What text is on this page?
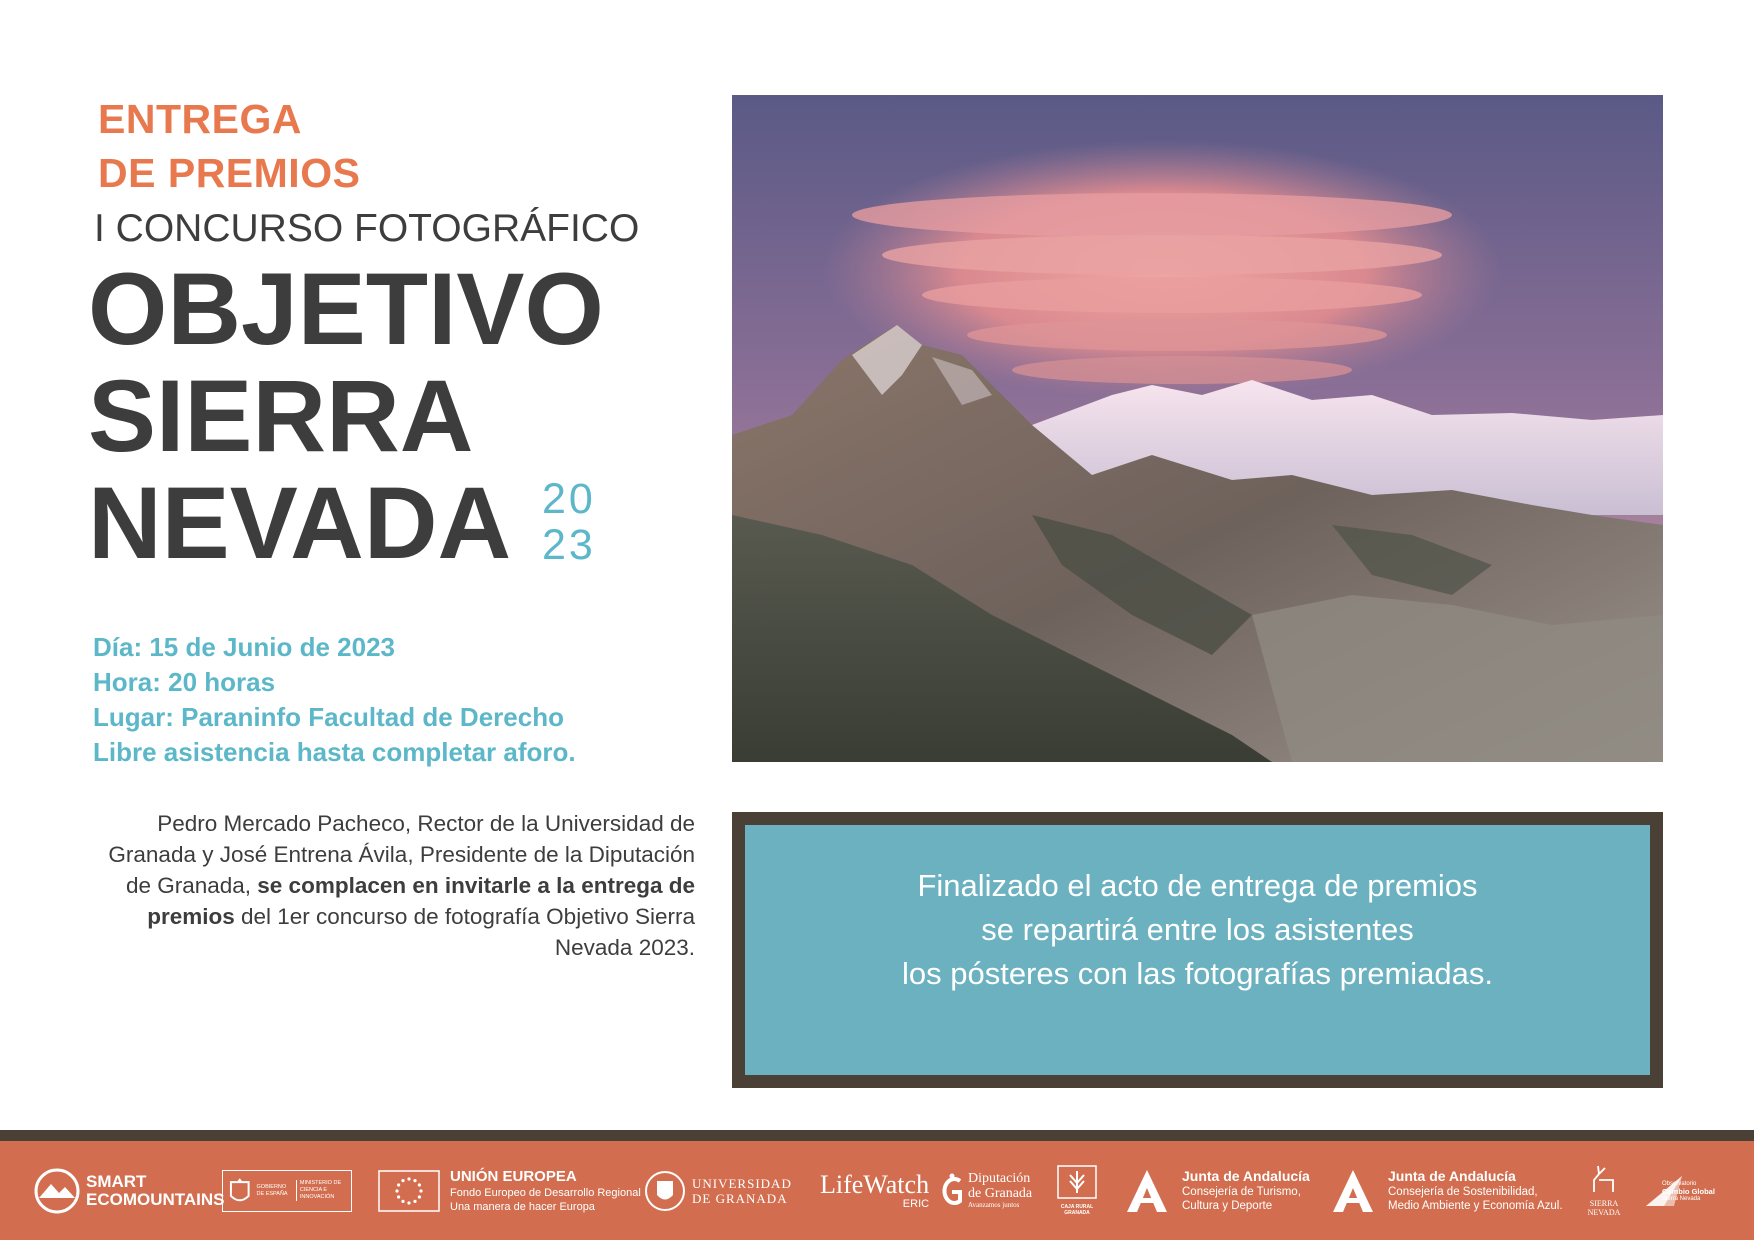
ENTREGA
DE PREMIOS
I CONCURSO FOTOGRÁFICO
OBJETIVO
SIERRA
NEVADA 20
23
Día: 15 de Junio de 2023
Hora: 20 horas
Lugar: Paraninfo Facultad de Derecho
Libre asistencia hasta completar aforo.
Pedro Mercado Pacheco, Rector de la Universidad de Granada y José Entrena Ávila, Presidente de la Diputación de Granada, se complacen en invitarle a la entrega de premios del 1er concurso de fotografía Objetivo Sierra Nevada 2023.
Finalizado el acto de entrega de premios
se repartirá entre los asistentes
los pósteres con las fotografías premiadas.
SMART
ECOMOUNTAINS
GOBIERNO DE ESPAÑA
MINISTERIO DE CIENCIA E INNOVACIÓN
UNIÓN EUROPEA
Fondo Europeo de Desarrollo Regional
Una manera de hacer Europa
UNIVERSIDAD
DE GRANADA LifeWatch
ERIC
Diputación
de Granada
Avanzamos juntos	CAJA RURAL GRANADA
Junta de Andalucía
Consejería de Turismo,
Cultura y Deporte
Junta de Andalucía
Consejería de Sostenibilidad,
Medio Ambiente y Economía Azul.	SIERRA
NEVADA
Observatorio
Cambio Global
Sierra Nevada
